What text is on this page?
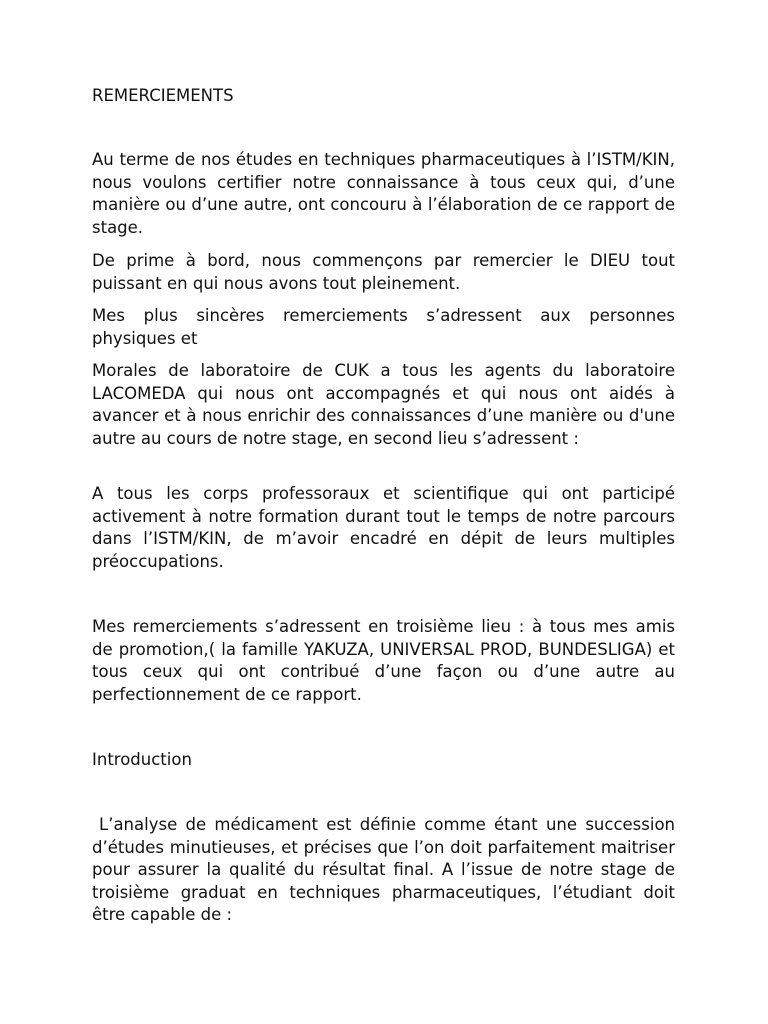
REMERCIEMENTS

Au terme de nos études en techniques pharmaceutiques à l’ISTM/KIN, nous voulons certifier notre connaissance à tous ceux qui, d’une manière ou d’une autre, ont concouru à l’élaboration de ce rapport de stage.

De prime à bord, nous commençons par remercier le DIEU tout puissant en qui nous avons tout pleinement.

Mes plus sincères remerciements s’adressent aux personnes physiques et

Morales de laboratoire de CUK a tous les agents du laboratoire LACOMEDA qui nous ont accompagnés et qui nous ont aidés à avancer et à nous enrichir des connaissances d’une manière ou d'une autre au cours de notre stage, en second lieu s’adressent :

A tous les corps professoraux et scientifique qui ont participé activement à notre formation durant tout le temps de notre parcours dans l’ISTM/KIN, de m’avoir encadré en dépit de leurs multiples préoccupations.

Mes remerciements s’adressent en troisième lieu : à tous mes amis de promotion,( la famille YAKUZA, UNIVERSAL PROD, BUNDESLIGA) et tous ceux qui ont contribué d’une façon ou d’une autre au perfectionnement de ce rapport.

Introduction

L’analyse de médicament est définie comme étant une succession d’études minutieuses, et précises que l’on doit parfaitement maitriser pour assurer la qualité du résultat final. A l’issue de notre stage de troisième graduat en techniques pharmaceutiques, l’étudiant doit être capable de :
